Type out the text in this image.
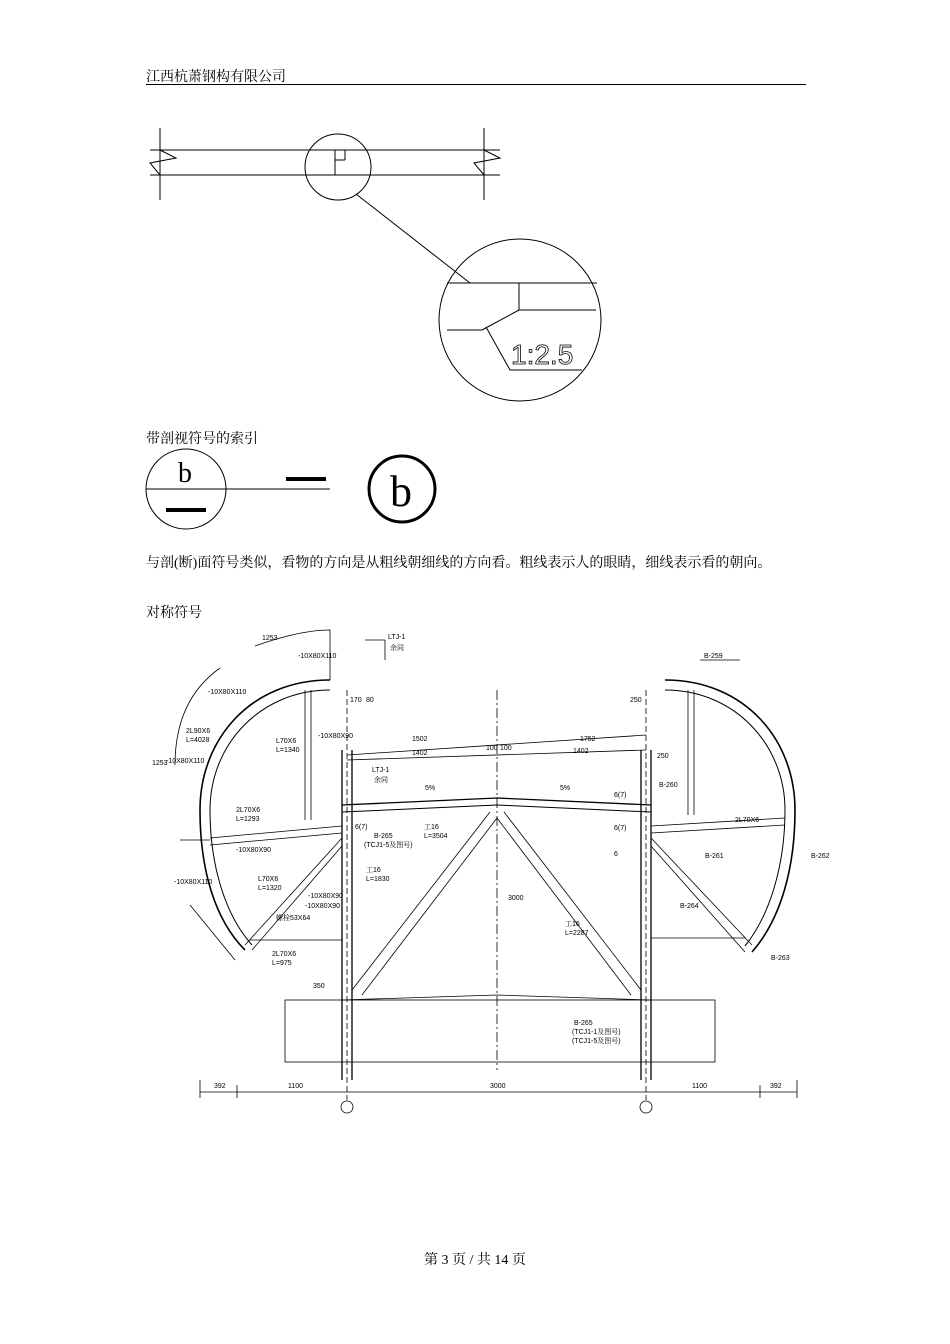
江西杭萧钢构有限公司
1:2.5
b	b
LTJ-1
余同
-10X80X110
-10X80X110
2L90X6
L=4028
-10X80X110
L70X6
L=1340
-10X80X90
2L70X6
L=1293
-10X80X90
-10X80X110	L70X6
L=1320
-10X80X90
-10X80X90
螺栓53X64
2L70X6
L=975
LTJ-1
余同
B-265
(TCJ1-5及图号)
工16
L=3504
工16
L=1830
工16
L=2287
B-265
(TCJ1-1及图号)
(TCJ1-5及图号)
B-259
B-260
B-261	B-262
B-263
B-264
2L70X6
6(7)
6(7)
6(7)
1502	1752
1402	1402
100 100
170 80	250
250
1253
1253
3000
350
392	1100	3000	1100	392
5%	5%
6
带剖视符号的索引
与剖(断)面符号类似，看物的方向是从粗线朝细线的方向看。粗线表示人的眼睛，细线表示看的朝向。
对称符号
第 3 页 / 共 14 页
